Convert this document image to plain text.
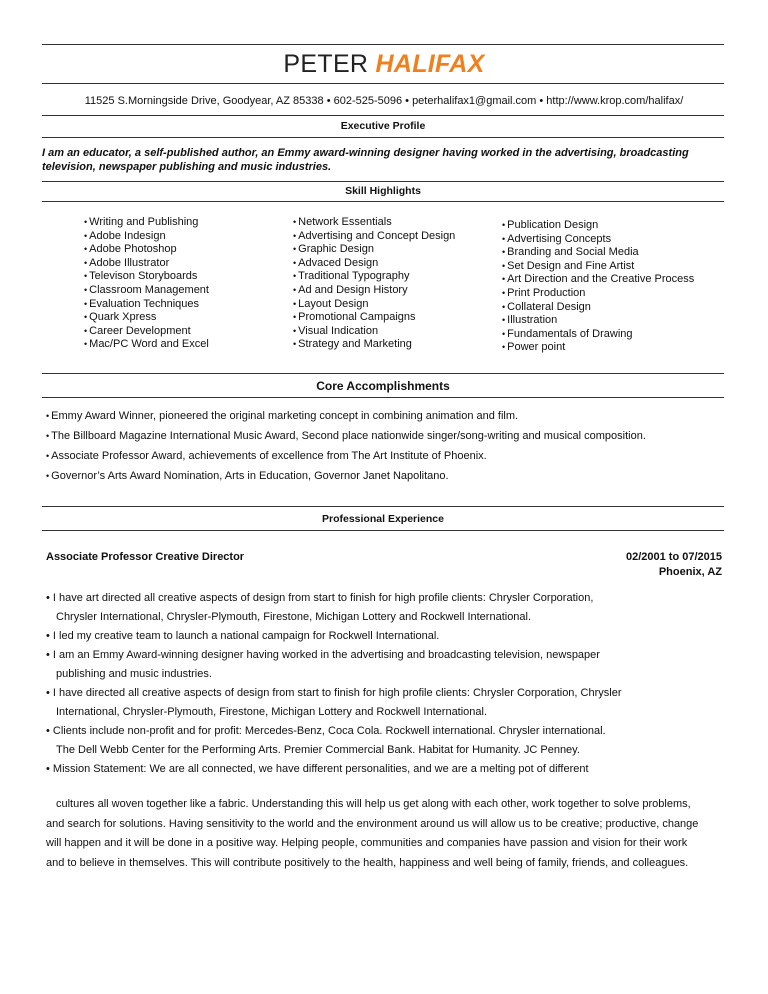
PETER HALIFAX
11525 S.Morningside Drive, Goodyear, AZ 85338 • 602-525-5096 • peterhalifax1@gmail.com • http://www.krop.com/halifax/
Executive Profile
I am an educator, a self-published author, an Emmy award-winning designer having worked in the advertising, broadcasting
television, newspaper publishing and music industries.
Skill Highlights
• Writing and Publishing
• Adobe Indesign
• Adobe Photoshop
• Adobe Illustrator
• Televison Storyboards
• Classroom Management
• Evaluation Techniques
• Quark Xpress
• Career Development
• Mac/PC Word and Excel
• Network Essentials
• Advertising and Concept Design
• Graphic Design
• Advaced Design
• Traditional Typography
• Ad and Design History
• Layout Design
• Promotional Campaigns
• Visual Indication
• Strategy and Marketing
• Publication Design
• Advertising Concepts
• Branding and Social Media
• Set Design and Fine Artist
• Art Direction and the Creative Process
• Print Production
• Collateral Design
• Illustration
• Fundamentals of Drawing
• Power point
Core Accomplishments
• Emmy Award Winner, pioneered the original marketing concept in combining animation and film.
• The Billboard Magazine International Music Award, Second place nationwide singer/song-writing and musical composition.
• Associate Professor Award, achievements of excellence from The Art Institute of Phoenix.
• Governor’s Arts Award Nomination, Arts in Education, Governor Janet Napolitano.
Professional Experience
Associate Professor Creative Director	02/2001 to 07/2015
Phoenix, AZ
• I have art directed all creative aspects of design from start to finish for high profile clients: Chrysler Corporation,
Chrysler International, Chrysler-Plymouth, Firestone, Michigan Lottery and Rockwell International.
• I led my creative team to launch a national campaign for Rockwell International.
• I am an Emmy Award-winning designer having worked in the advertising and broadcasting television, newspaper
publishing and music industries.
• I have directed all creative aspects of design from start to finish for high profile clients: Chrysler Corporation, Chrysler
International, Chrysler-Plymouth, Firestone, Michigan Lottery and Rockwell International.
• Clients include non-profit and for profit: Mercedes-Benz, Coca Cola. Rockwell international. Chrysler international.
The Dell Webb Center for the Performing Arts. Premier Commercial Bank. Habitat for Humanity. JC Penney.
• Mission Statement: We are all connected, we have different personalities, and we are a melting pot of different
cultures all woven together like a fabric. Understanding this will help us get along with each other, work together to solve problems,
and search for solutions. Having sensitivity to the world and the environment around us will allow us to be creative; productive, change
will happen and it will be done in a positive way. Helping people, communities and companies have passion and vision for their work
and to believe in themselves. This will contribute positively to the health, happiness and well being of family, friends, and colleagues.
